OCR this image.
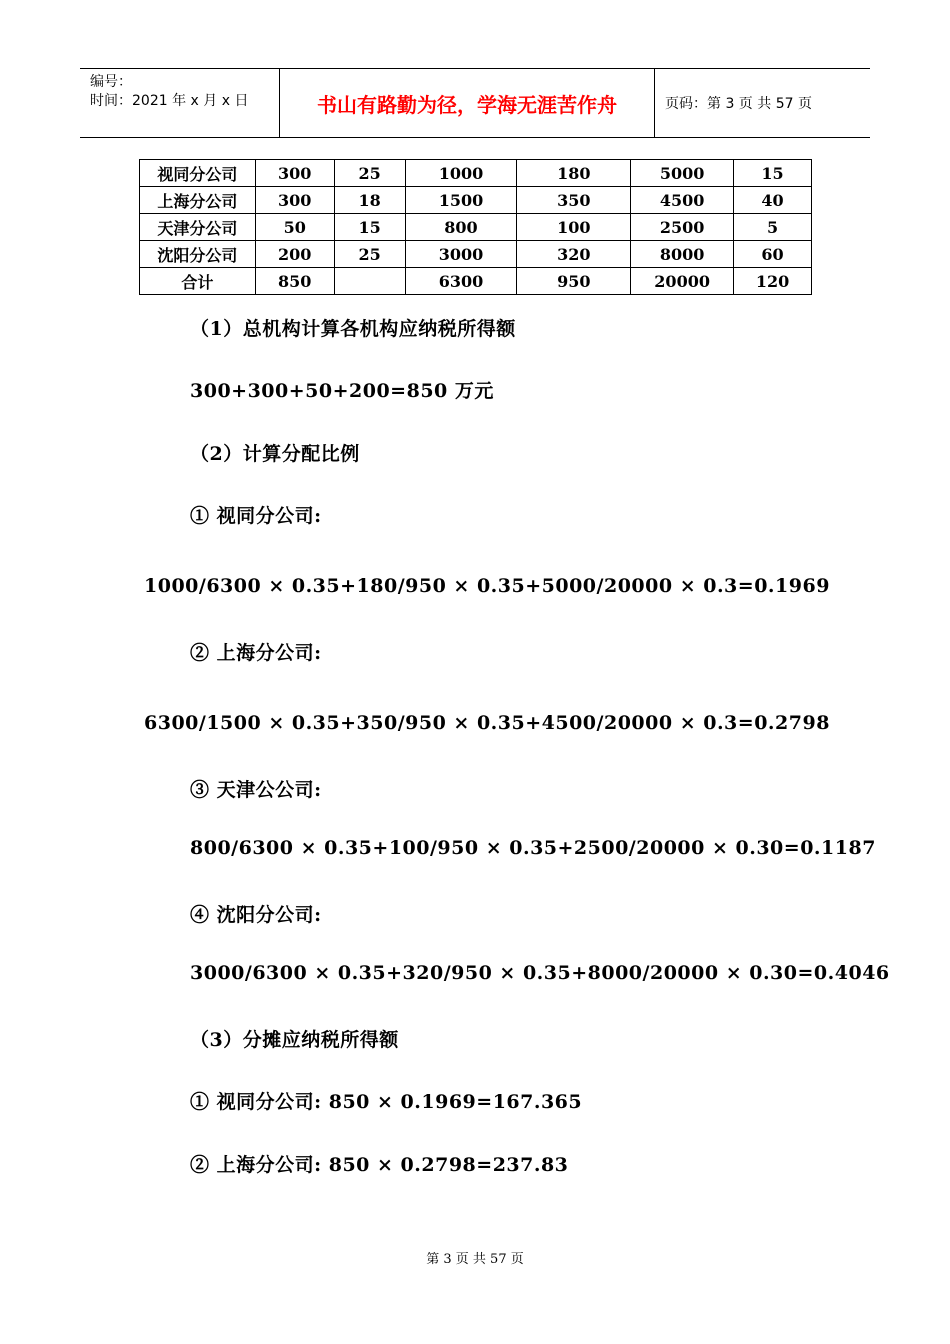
编号：
时间：2021 年 x 月 x 日	书山有路勤为径，学海无涯苦作舟	页码：第 3 页 共 57 页
视同分公司	300	25	1000	180	5000	15
上海分公司	300	18	1500	350	4500	40
天津分公司	50	15	800	100	2500	5
沈阳分公司	200	25	3000	320	8000	60
合计	850		6300	950	20000	120
（1）总机构计算各机构应纳税所得额
300+300+50+200=850 万元
（2）计算分配比例
① 视同分公司:
1000/6300 × 0.35+180/950 × 0.35+5000/20000 × 0.3=0.1969
② 上海分公司:
6300/1500 × 0.35+350/950 × 0.35+4500/20000 × 0.3=0.2798
③ 天津公公司:
800/6300 × 0.35+100/950 × 0.35+2500/20000 × 0.30=0.1187
④ 沈阳分公司:
3000/6300 × 0.35+320/950 × 0.35+8000/20000 × 0.30=0.4046
（3）分摊应纳税所得额
① 视同分公司: 850 × 0.1969=167.365
② 上海分公司: 850 × 0.2798=237.83
第 3 页 共 57 页
